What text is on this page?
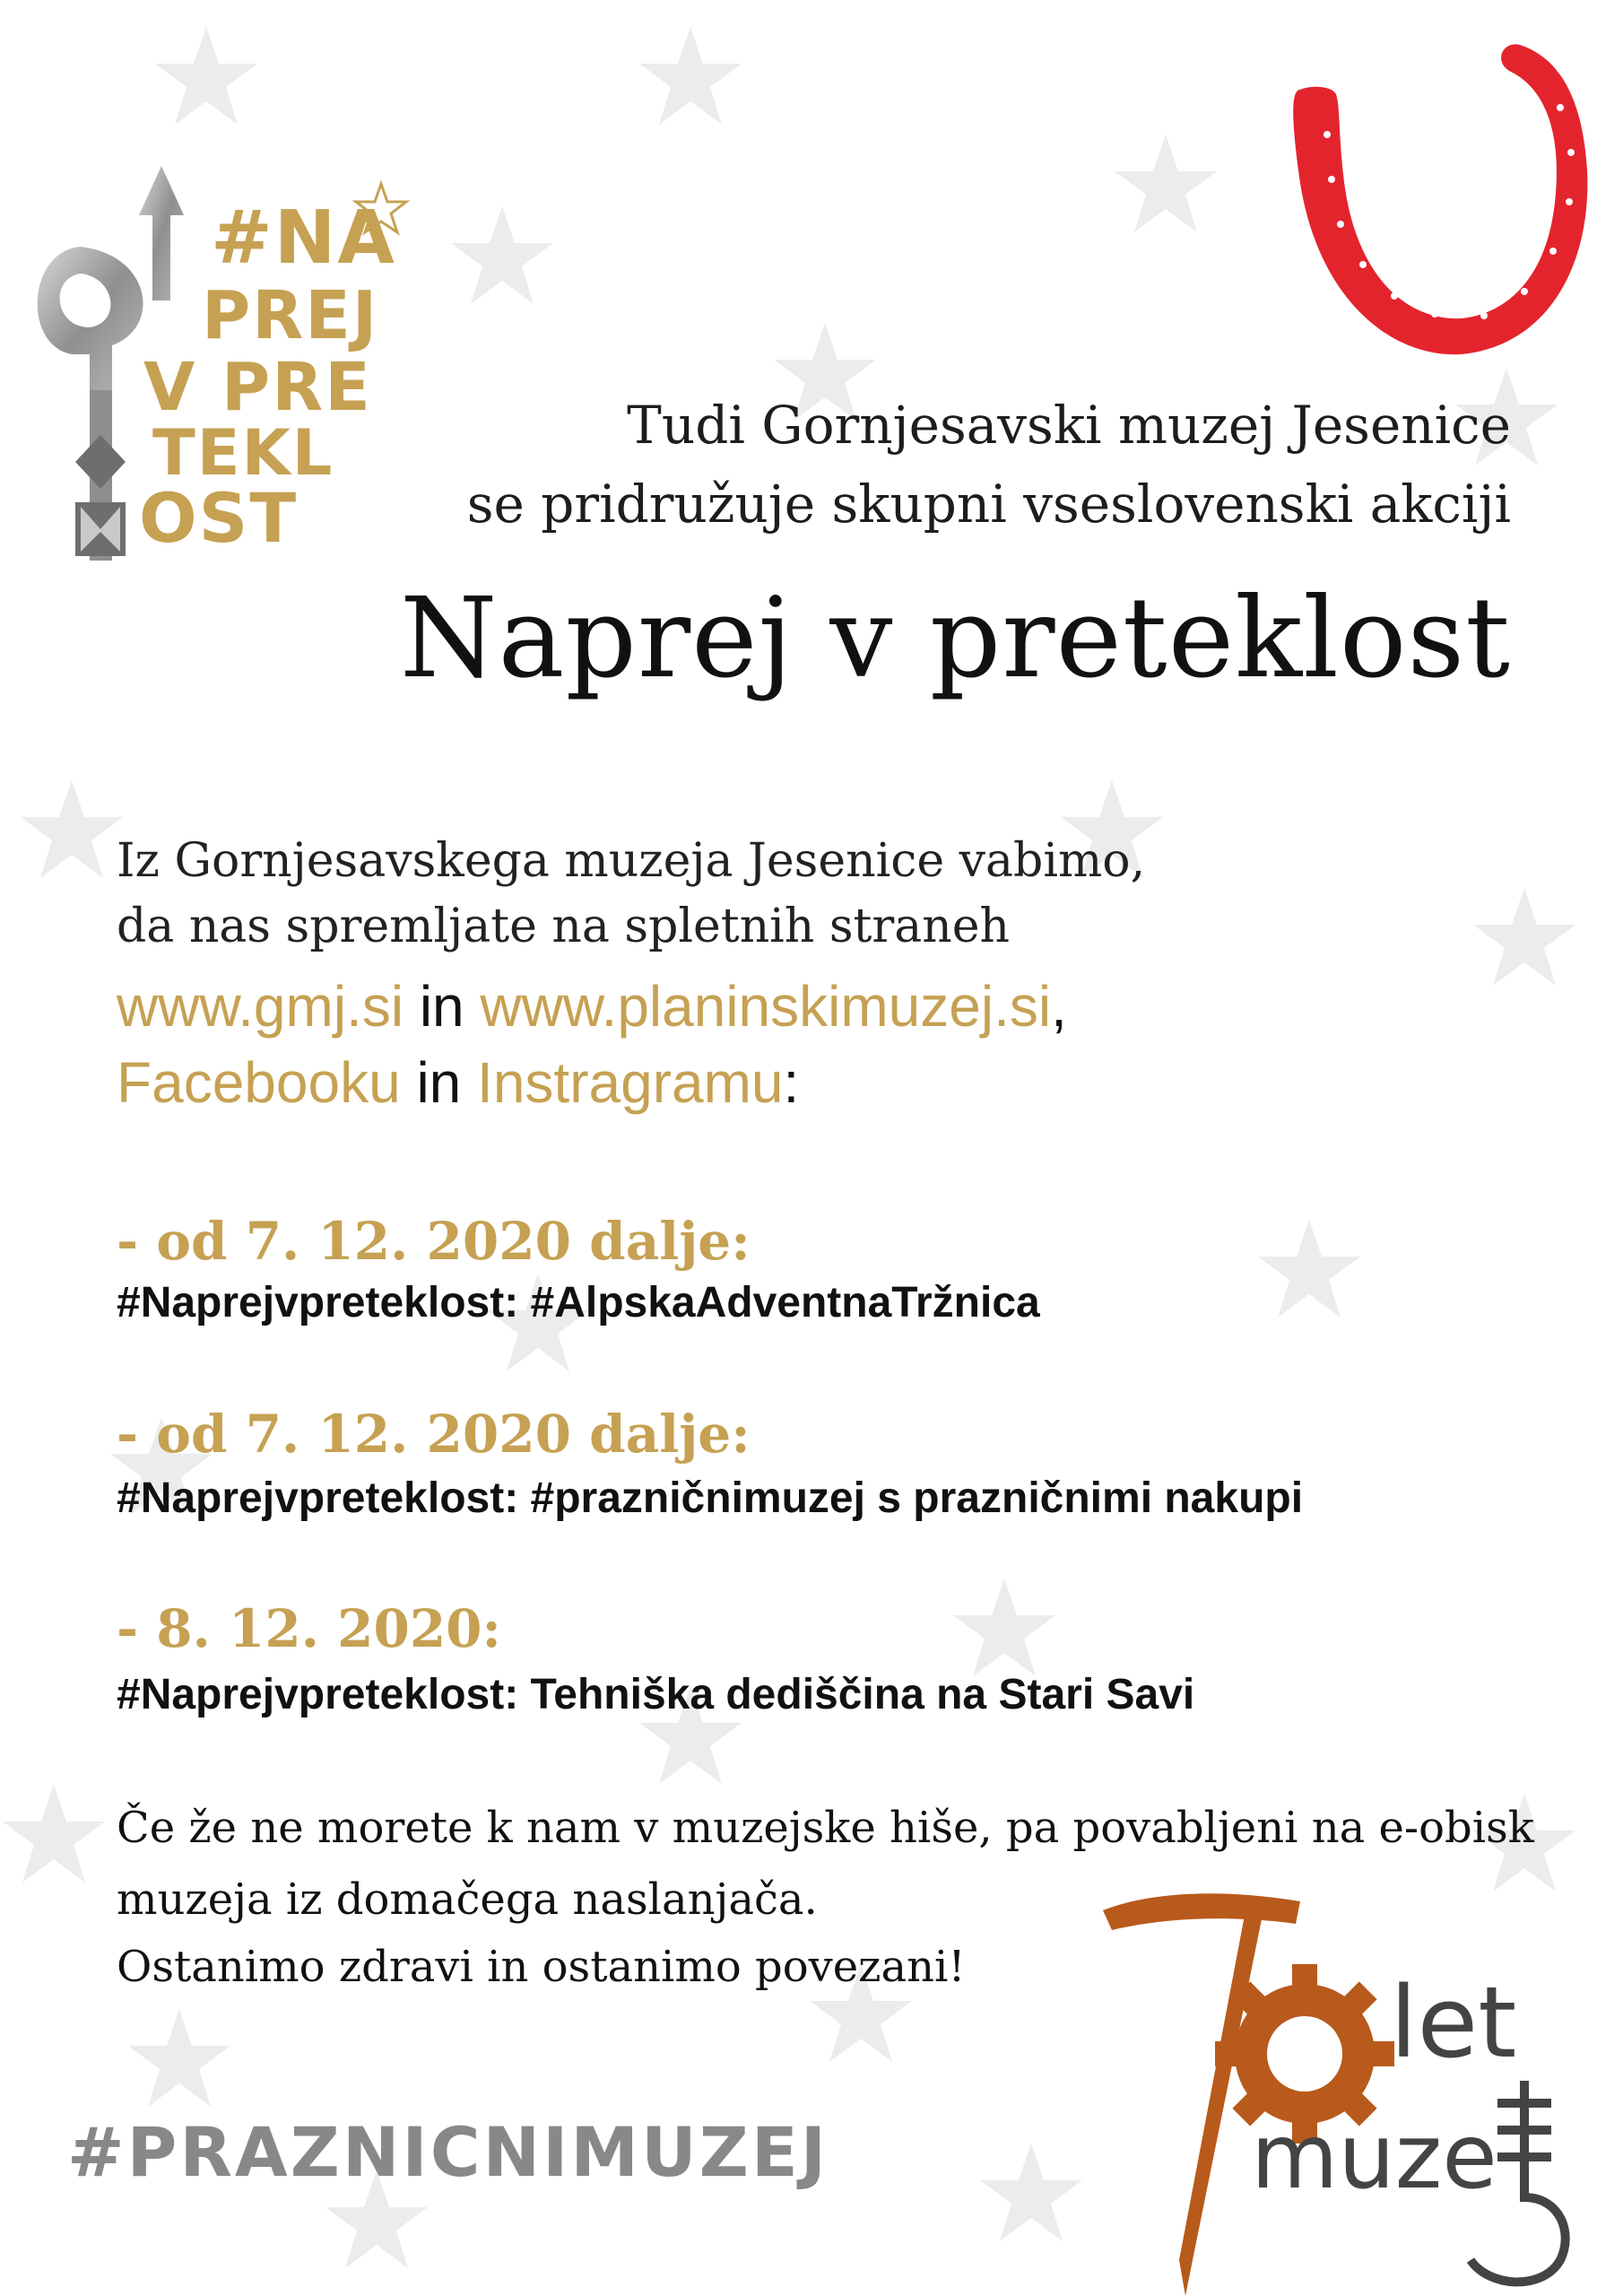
#NA
PREJ
V PRE
TEKL
OST
Tudi Gornjesavski muzej Jesenice
se pridružuje skupni vseslovenski akciji
Naprej v preteklost
Iz Gornjesavskega muzeja Jesenice vabimo,
da nas spremljate na spletnih straneh
www.gmj.si in www.planinskimuzej.si,
Facebooku in Instragramu:
- od 7. 12. 2020 dalje:
#Naprejvpreteklost: #AlpskaAdventnaTržnica
- od 7. 12. 2020 dalje:
#Naprejvpreteklost: #prazničnimuzej s prazničnimi nakupi
- 8. 12. 2020:
#Naprejvpreteklost: Tehniška dediščina na Stari Savi
Če že ne morete k nam v muzejske hiše, pa povabljeni na e-obisk
muzeja iz domačega naslanjača.
Ostanimo zdravi in ostanimo povezani!
#PRAZNICNIMUZEJ
let
muze
